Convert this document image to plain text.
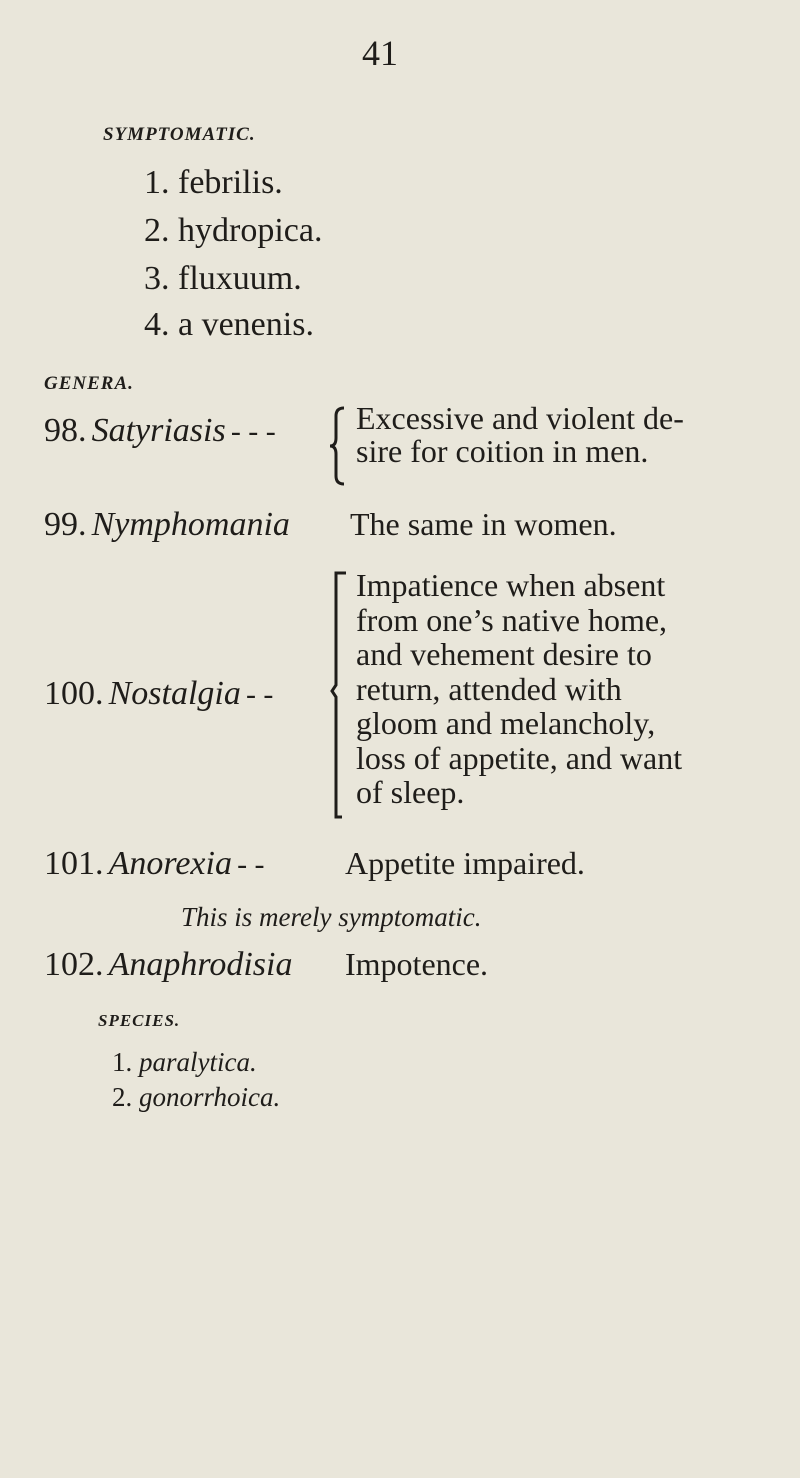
41
SYMPTOMATIC.
1. febrilis.
2. hydropica.
3. fluxuum.
4. a venenis.
GENERA.
98. Satyriasis - - -	Excessive and violent de-
sire for coition in men.
99. Nymphomania The same in women.
100. Nostalgia - -
Impatience when absent
from one’s native home,
and vehement desire to
return, attended with
gloom and melancholy,
loss of appetite, and want
of sleep.
101. Anorexia - -	Appetite impaired.
This is merely symptomatic.
102. Anaphrodisia Impotence.
SPECIES.
1. paralytica.
2. gonorrhoica.
